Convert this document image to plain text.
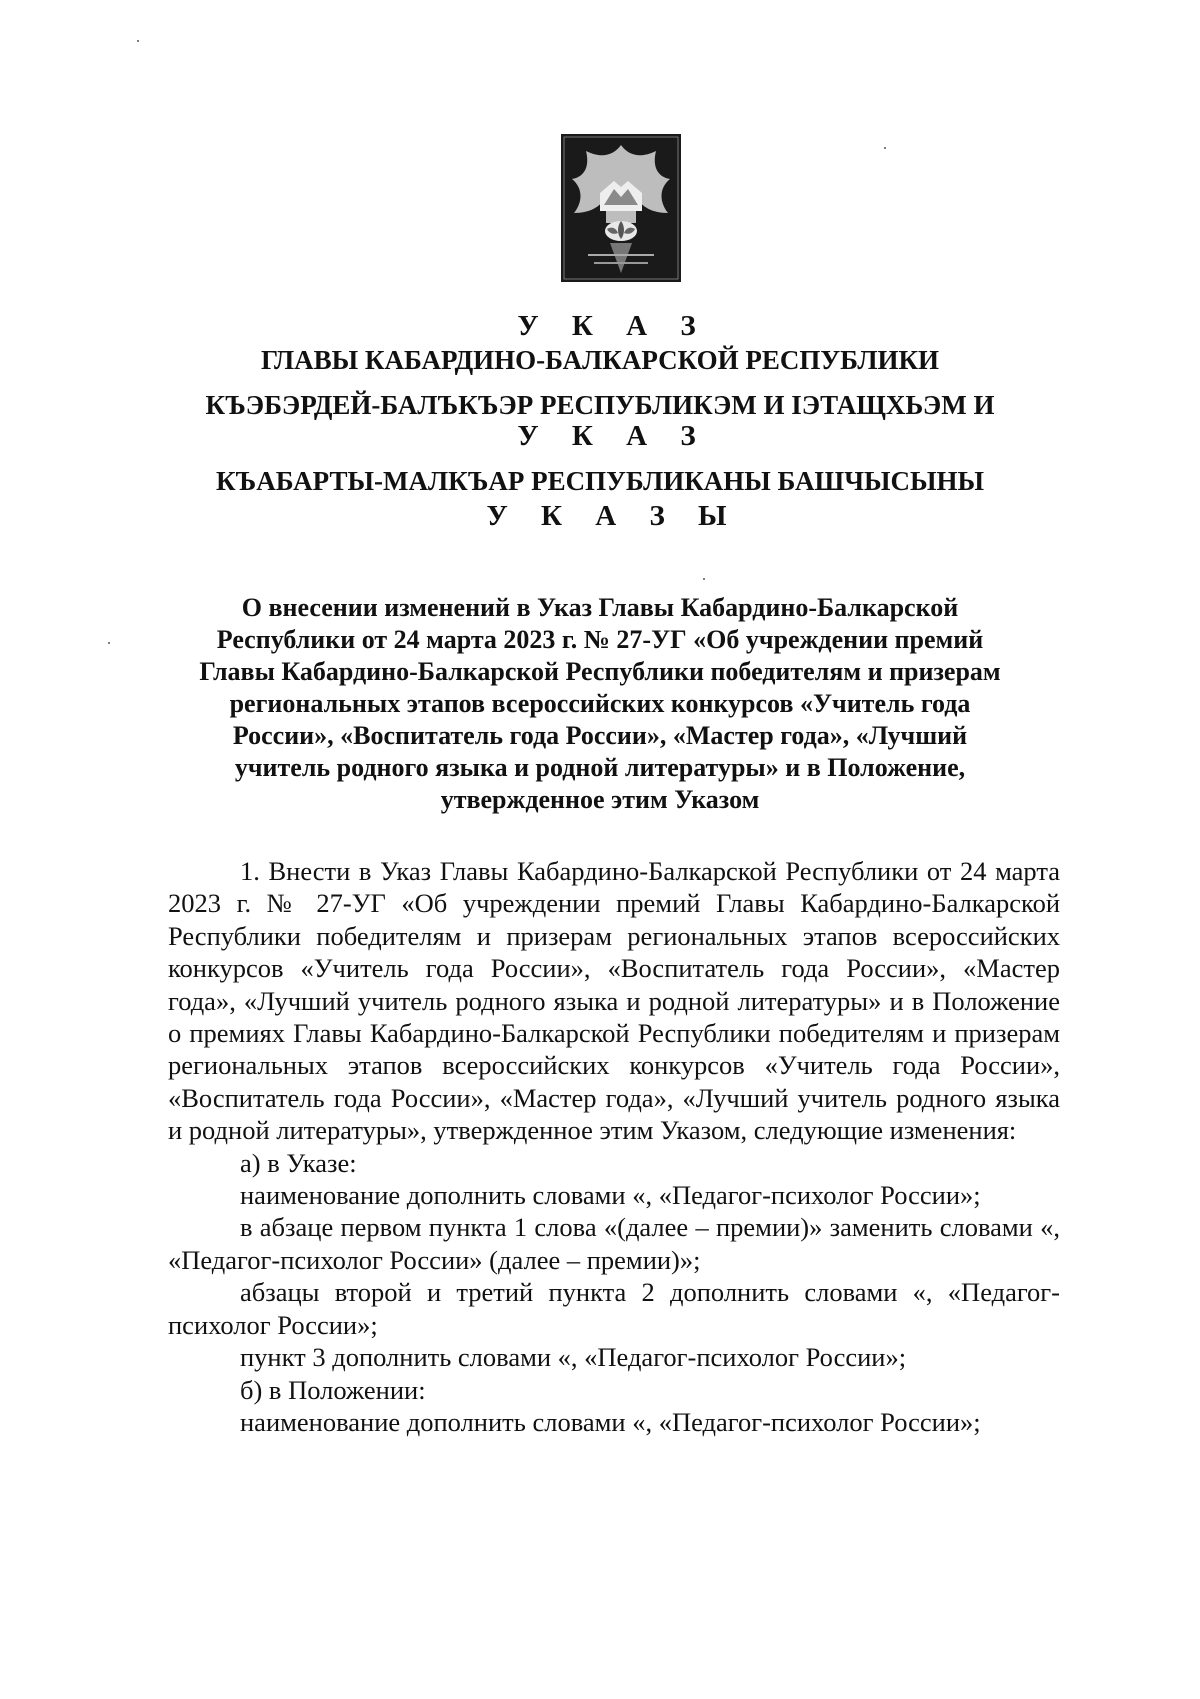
У К А З
ГЛАВЫ КАБАРДИНО-БАЛКАРСКОЙ РЕСПУБЛИКИ
КЪЭБЭРДЕЙ-БАЛЪКЪЭР РЕСПУБЛИКЭМ И IЭТАЩХЬЭМ И
У К А З
КЪАБАРТЫ-МАЛКЪАР РЕСПУБЛИКАНЫ БАШЧЫСЫНЫ
У К А З Ы
О внесении изменений в Указ Главы Кабардино-Балкарской
Республики от 24 марта 2023 г. № 27-УГ «Об учреждении премий
Главы Кабардино-Балкарской Республики победителям и призерам
региональных этапов всероссийских конкурсов «Учитель года
России», «Воспитатель года России», «Мастер года», «Лучший
учитель родного языка и родной литературы» и в Положение,
утвержденное этим Указом

1. Внести в Указ Главы Кабардино-Балкарской Республики от 24 марта 2023 г. № 27-УГ «Об учреждении премий Главы Кабардино-Балкарской Республики победителям и призерам региональных этапов всероссийских конкурсов «Учитель года России», «Воспитатель года России», «Мастер года», «Лучший учитель родного языка и родной литературы» и в Положение о премиях Главы Кабардино-Балкарской Республики победителям и призерам региональных этапов всероссийских конкурсов «Учитель года России», «Воспитатель года России», «Мастер года», «Лучший учитель родного языка и родной литературы», утвержденное этим Указом, следующие изменения:

а) в Указе:

наименование дополнить словами «, «Педагог-психолог России»;

в абзаце первом пункта 1 слова «(далее – премии)» заменить словами «, «Педагог-психолог России» (далее – премии)»;

абзацы второй и третий пункта 2 дополнить словами «, «Педагог-психолог России»;

пункт 3 дополнить словами «, «Педагог-психолог России»;

б) в Положении:

наименование дополнить словами «, «Педагог-психолог России»;
